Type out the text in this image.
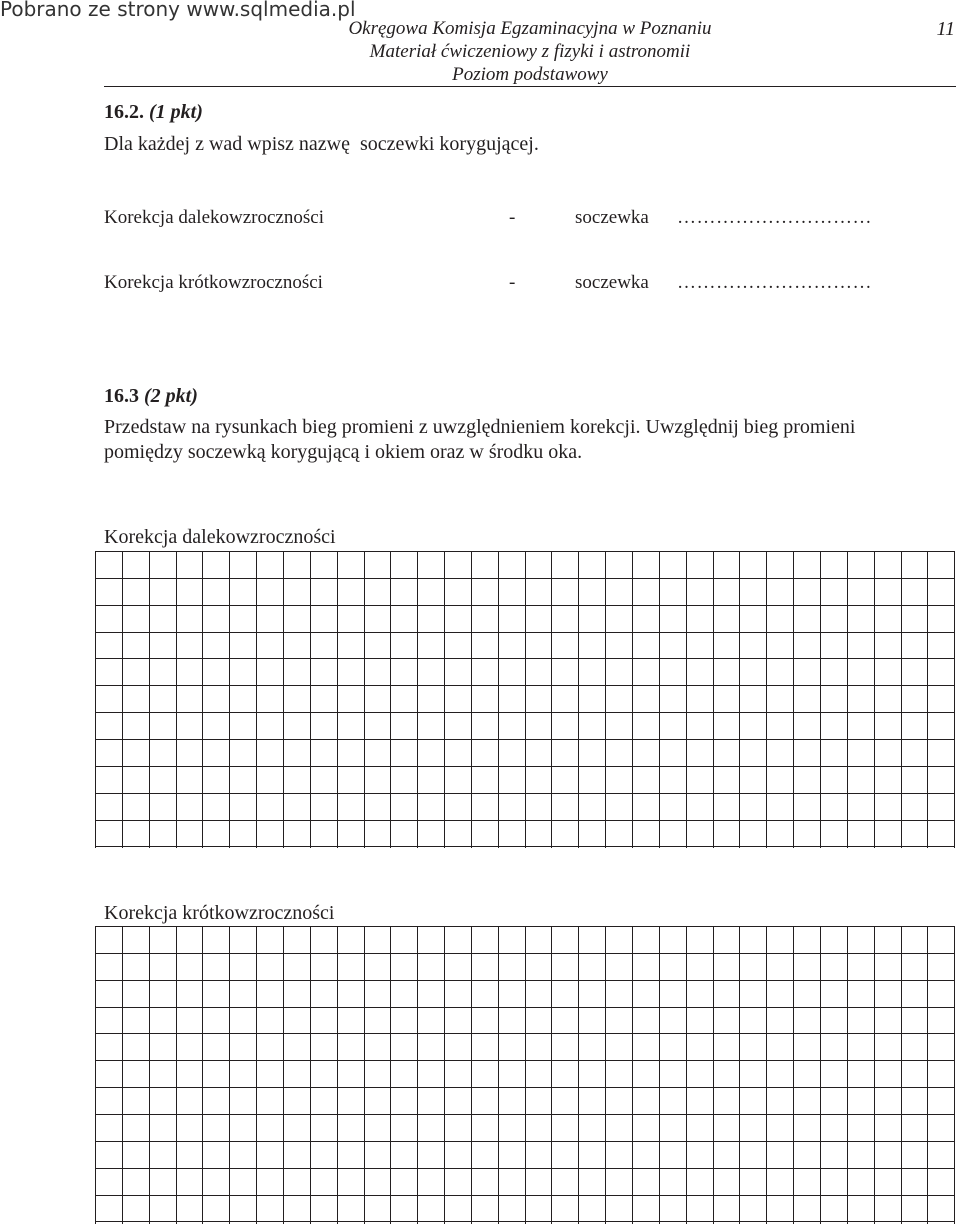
Pobrano ze strony www.sqlmedia.pl
Okręgowa Komisja Egzaminacyjna w Poznaniu
Materiał ćwiczeniowy z fizyki i astronomii
Poziom podstawowy
11
16.2. (1 pkt)
Dla każdej z wad wpisz nazwę  soczewki korygującej.
Korekcja dalekowzroczności	-	soczewka …………………………
Korekcja krótkowzroczności	-	soczewka …………………………
16.3 (2 pkt)
Przedstaw na rysunkach bieg promieni z uwzględnieniem korekcji. Uwzględnij bieg promieni
pomiędzy soczewką korygującą i okiem oraz w środku oka.
Korekcja dalekowzroczności
Korekcja krótkowzroczności
